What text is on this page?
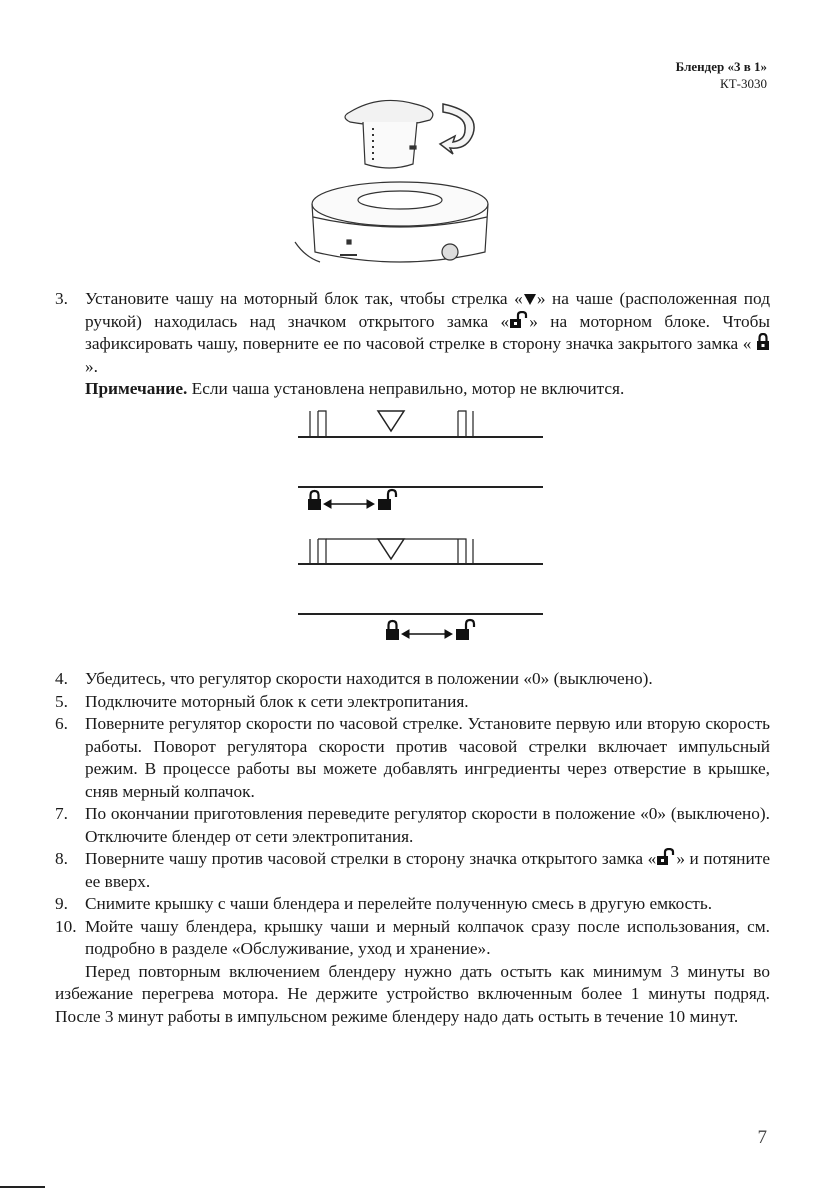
Блендер «3 в 1»
КТ-3030
3. Установите чашу на моторный блок так, чтобы стрелка « » на чаше (расположенная под ручкой) находилась над значком открытого замка « » на моторном блоке. Чтобы зафиксировать чашу, поверните ее по часовой стрелке в сторону значка закрытого замка «  ».
Примечание. Если чаша установлена неправильно, мотор не включится.
4. Убедитесь, что регулятор скорости находится в положении «0» (выключено).
5. Подключите моторный блок к сети электропитания.
6. Поверните регулятор скорости по часовой стрелке. Установите первую или вторую скорость работы. Поворот регулятора скорости против часовой стрелки включает импульсный режим. В процессе работы вы можете добавлять ингредиенты через отверстие в крышке, сняв мерный колпачок.
7. По окончании приготовления переведите регулятор скорости в положение «0» (выключено). Отключите блендер от сети электропитания.
8. Поверните чашу против часовой стрелки в сторону значка открытого замка « » и потяните ее вверх.
9. Снимите крышку с чаши блендера и перелейте полученную смесь в другую емкость.
10. Мойте чашу блендера, крышку чаши и мерный колпачок сразу после использования, см. подробно в разделе «Обслуживание, уход и хранение».
Перед повторным включением блендеру нужно дать остыть как минимум 3 минуты во избежание перегрева мотора. Не держите устройство включенным более 1 минуты подряд. После 3 минут работы в импульсном режиме блендеру надо дать остыть в течение 10 минут.
7
